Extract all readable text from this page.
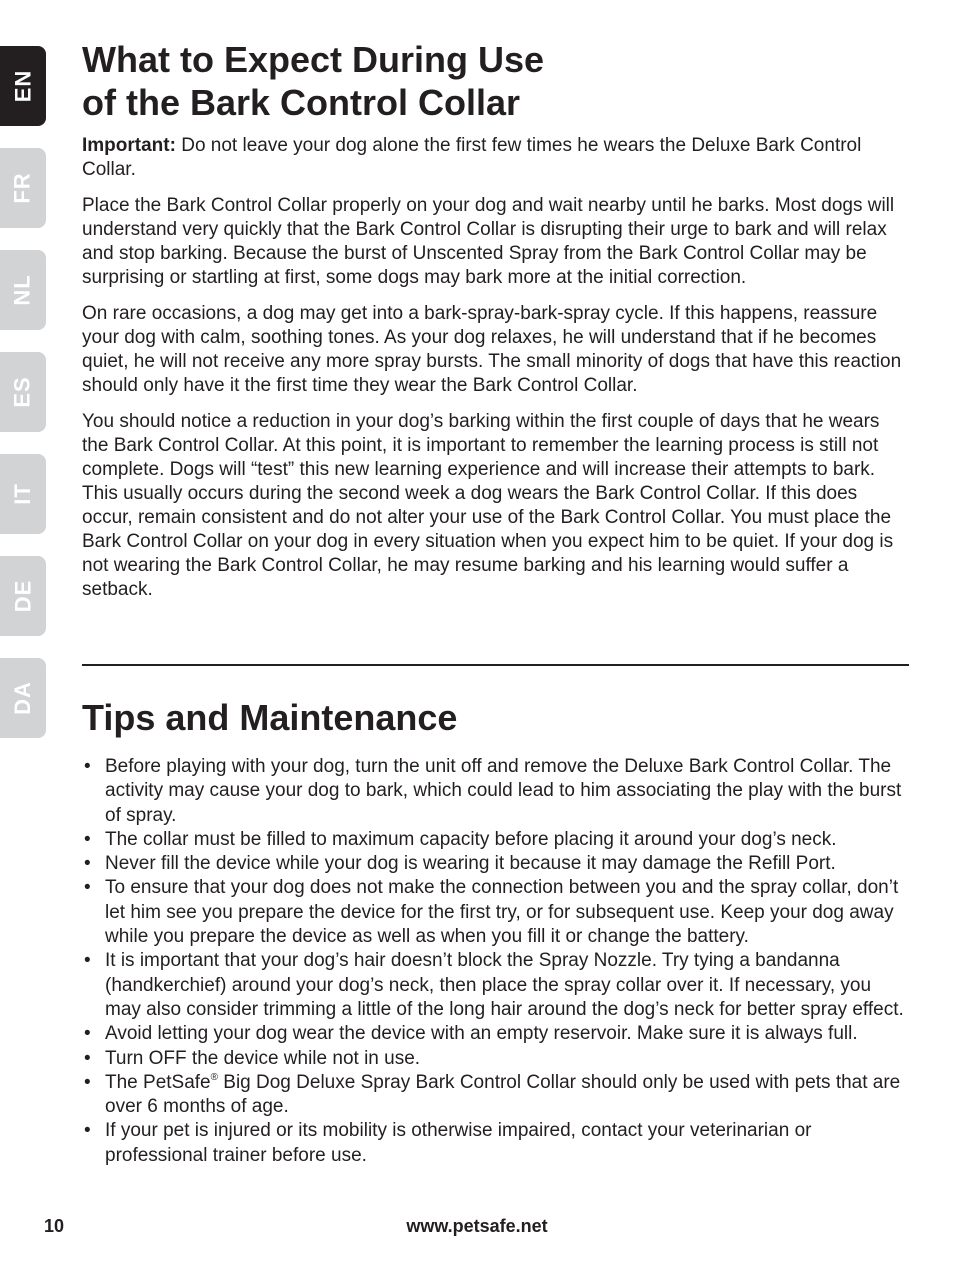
EN
FR
NL
ES
IT
DE
DA
What to Expect During Use
of the Bark Control Collar

Important: Do not leave your dog alone the first few times he wears the Deluxe Bark Control Collar.

Place the Bark Control Collar properly on your dog and wait nearby until he barks. Most dogs will understand very quickly that the Bark Control Collar is disrupting their urge to bark and will relax and stop barking. Because the burst of Unscented Spray from the Bark Control Collar may be surprising or startling at first, some dogs may bark more at the initial correction.

On rare occasions, a dog may get into a bark-spray-bark-spray cycle. If this happens, reassure your dog with calm, soothing tones. As your dog relaxes, he will understand that if he becomes quiet, he will not receive any more spray bursts. The small minority of dogs that have this reaction should only have it the first time they wear the Bark Control Collar.

You should notice a reduction in your dog’s barking within the first couple of days that he wears the Bark Control Collar. At this point, it is important to remember the learning process is still not complete. Dogs will “test” this new learning experience and will increase their attempts to bark. This usually occurs during the second week a dog wears the Bark Control Collar. If this does occur, remain consistent and do not alter your use of the Bark Control Collar. You must place the Bark Control Collar on your dog in every situation when you expect him to be quiet. If your dog is not wearing the Bark Control Collar, he may resume barking and his learning would suffer a setback.

Tips and Maintenance
• Before playing with your dog, turn the unit off and remove the Deluxe Bark Control Collar. The activity may cause your dog to bark, which could lead to him associating the play with the burst of spray.
• The collar must be filled to maximum capacity before placing it around your dog’s neck.
• Never fill the device while your dog is wearing it because it may damage the Refill Port.
• To ensure that your dog does not make the connection between you and the spray collar, don’t let him see you prepare the device for the first try, or for subsequent use. Keep your dog away while you prepare the device as well as when you fill it or change the battery.
• It is important that your dog’s hair doesn’t block the Spray Nozzle. Try tying a bandanna (handkerchief) around your dog’s neck, then place the spray collar over it. If necessary, you may also consider trimming a little of the long hair around the dog’s neck for better spray effect.
• Avoid letting your dog wear the device with an empty reservoir. Make sure it is always full.
• Turn OFF the device while not in use.
• The PetSafe® Big Dog Deluxe Spray Bark Control Collar should only be used with pets that are over 6 months of age.
• If your pet is injured or its mobility is otherwise impaired, contact your veterinarian or professional trainer before use.
10	www.petsafe.net
